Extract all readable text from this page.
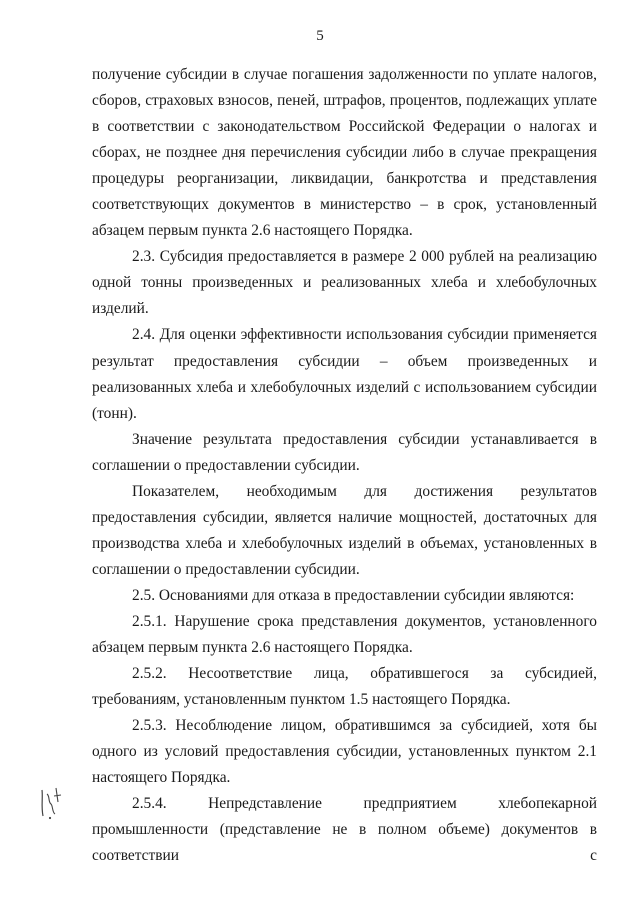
5

получение субсидии в случае погашения задолженности по уплате налогов, сборов, страховых взносов, пеней, штрафов, процентов, подлежащих уплате в соответствии с законодательством Российской Федерации о налогах и сборах, не позднее дня перечисления субсидии либо в случае прекращения процедуры реорганизации, ликвидации, банкротства и представления соответствующих документов в министерство – в срок, установленный абзацем первым пункта 2.6 настоящего Порядка.

2.3. Субсидия предоставляется в размере 2 000 рублей на реализацию одной тонны произведенных и реализованных хлеба и хлебобулочных изделий.

2.4. Для оценки эффективности использования субсидии применяется результат предоставления субсидии – объем произведенных и реализованных хлеба и хлебобулочных изделий с использованием субсидии (тонн).

Значение результата предоставления субсидии устанавливается в соглашении о предоставлении субсидии.

Показателем, необходимым для достижения результатов предоставления субсидии, является наличие мощностей, достаточных для производства хлеба и хлебобулочных изделий в объемах, установленных в соглашении о предоставлении субсидии.

2.5. Основаниями для отказа в предоставлении субсидии являются:

2.5.1. Нарушение срока представления документов, установленного абзацем первым пункта 2.6 настоящего Порядка.

2.5.2. Несоответствие лица, обратившегося за субсидией, требованиям, установленным пунктом 1.5 настоящего Порядка.

2.5.3. Несоблюдение лицом, обратившимся за субсидией, хотя бы одного из условий предоставления субсидии, установленных пунктом 2.1 настоящего Порядка.

2.5.4. Непредставление предприятием хлебопекарной промышленности (представление не в полном объеме) документов в соответствии с
